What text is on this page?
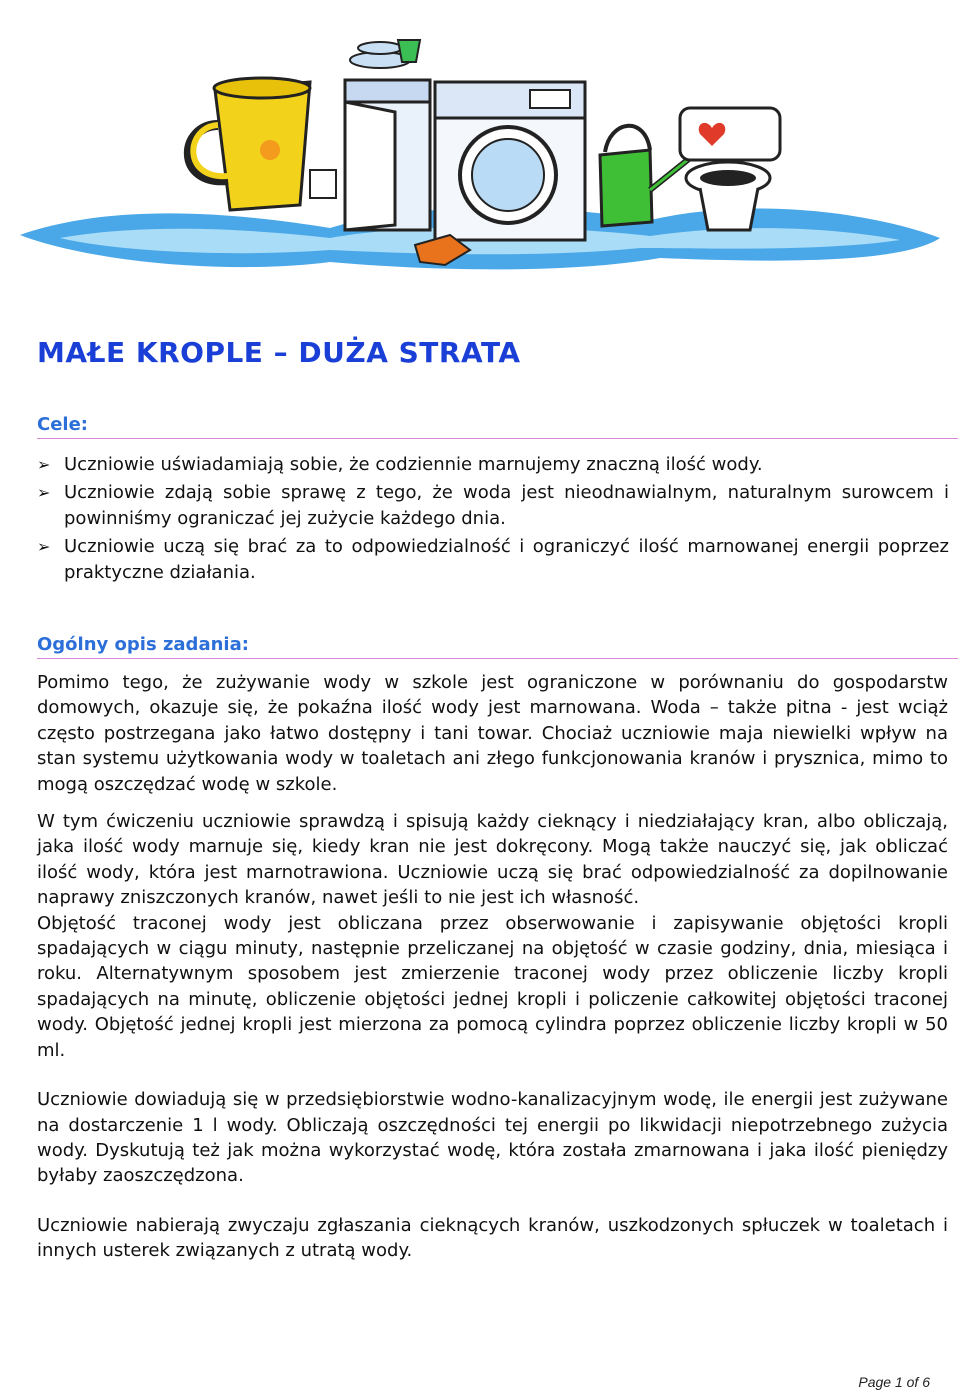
MAŁE KROPLE – DUŻA STRATA
Cele:
➢ Uczniowie uświadamiają sobie, że codziennie marnujemy znaczną ilość wody.
➢ Uczniowie zdają sobie sprawę z tego, że woda jest nieodnawialnym, naturalnym surowcem i powinniśmy ograniczać jej zużycie każdego dnia.
➢ Uczniowie uczą się brać za to odpowiedzialność i ograniczyć ilość marnowanej energii poprzez praktyczne działania.
Ogólny opis zadania:

Pomimo tego, że zużywanie wody w szkole jest ograniczone w porównaniu do gospodarstw domowych, okazuje się, że pokaźna ilość wody jest marnowana. Woda – także pitna - jest wciąż często postrzegana jako łatwo dostępny i tani towar. Chociaż uczniowie maja niewielki wpływ na stan systemu użytkowania wody w toaletach ani złego funkcjonowania kranów i prysznica, mimo to mogą oszczędzać wodę w szkole.

W tym ćwiczeniu uczniowie sprawdzą i spisują każdy cieknący i niedziałający kran, albo obliczają, jaka ilość wody marnuje się, kiedy kran nie jest dokręcony. Mogą także nauczyć się, jak obliczać ilość wody, która jest marnotrawiona. Uczniowie uczą się brać odpowiedzialność za dopilnowanie naprawy zniszczonych kranów, nawet jeśli to nie jest ich własność.

Objętość traconej wody jest obliczana przez obserwowanie i zapisywanie objętości kropli spadających w ciągu minuty, następnie przeliczanej na objętość w czasie godziny, dnia, miesiąca i roku. Alternatywnym sposobem jest zmierzenie traconej wody przez obliczenie liczby kropli spadających na minutę, obliczenie objętości jednej kropli i policzenie całkowitej objętości traconej wody. Objętość jednej kropli jest mierzona za pomocą cylindra poprzez obliczenie liczby kropli w 50 ml.

Uczniowie dowiadują się w przedsiębiorstwie wodno-kanalizacyjnym wodę, ile energii jest zużywane na dostarczenie 1 l wody. Obliczają oszczędności tej energii po likwidacji niepotrzebnego zużycia wody. Dyskutują też jak można wykorzystać wodę, która została zmarnowana i jaka ilość pieniędzy byłaby zaoszczędzona.

Uczniowie nabierają zwyczaju zgłaszania cieknących kranów, uszkodzonych spłuczek w toaletach i innych usterek związanych z utratą wody.

Page 1 of 6
